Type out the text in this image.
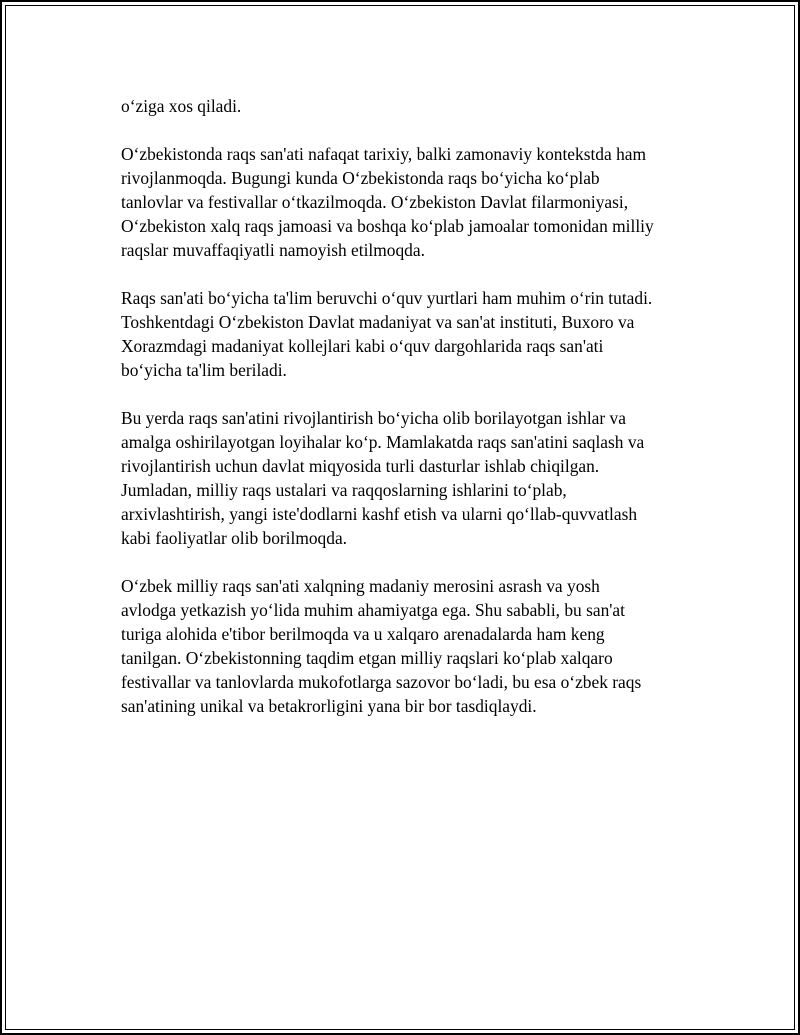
o‘ziga xos qiladi.

O‘zbekistonda raqs san'ati nafaqat tarixiy, balki zamonaviy kontekstda ham
rivojlanmoqda. Bugungi kunda O‘zbekistonda raqs bo‘yicha ko‘plab
tanlovlar va festivallar o‘tkazilmoqda. O‘zbekiston Davlat filarmoniyasi,
O‘zbekiston xalq raqs jamoasi va boshqa ko‘plab jamoalar tomonidan milliy
raqslar muvaffaqiyatli namoyish etilmoqda.

Raqs san'ati bo‘yicha ta'lim beruvchi o‘quv yurtlari ham muhim o‘rin tutadi.
Toshkentdagi O‘zbekiston Davlat madaniyat va san'at instituti, Buxoro va
Xorazmdagi madaniyat kollejlari kabi o‘quv dargohlarida raqs san'ati
bo‘yicha ta'lim beriladi.

Bu yerda raqs san'atini rivojlantirish bo‘yicha olib borilayotgan ishlar va
amalga oshirilayotgan loyihalar ko‘p. Mamlakatda raqs san'atini saqlash va
rivojlantirish uchun davlat miqyosida turli dasturlar ishlab chiqilgan.
Jumladan, milliy raqs ustalari va raqqoslarning ishlarini to‘plab,
arxivlashtirish, yangi iste'dodlarni kashf etish va ularni qo‘llab-quvvatlash
kabi faoliyatlar olib borilmoqda.

O‘zbek milliy raqs san'ati xalqning madaniy merosini asrash va yosh
avlodga yetkazish yo‘lida muhim ahamiyatga ega. Shu sababli, bu san'at
turiga alohida e'tibor berilmoqda va u xalqaro arenadalarda ham keng
tanilgan. O‘zbekistonning taqdim etgan milliy raqslari ko‘plab xalqaro
festivallar va tanlovlarda mukofotlarga sazovor bo‘ladi, bu esa o‘zbek raqs
san'atining unikal va betakrorligini yana bir bor tasdiqlaydi.
